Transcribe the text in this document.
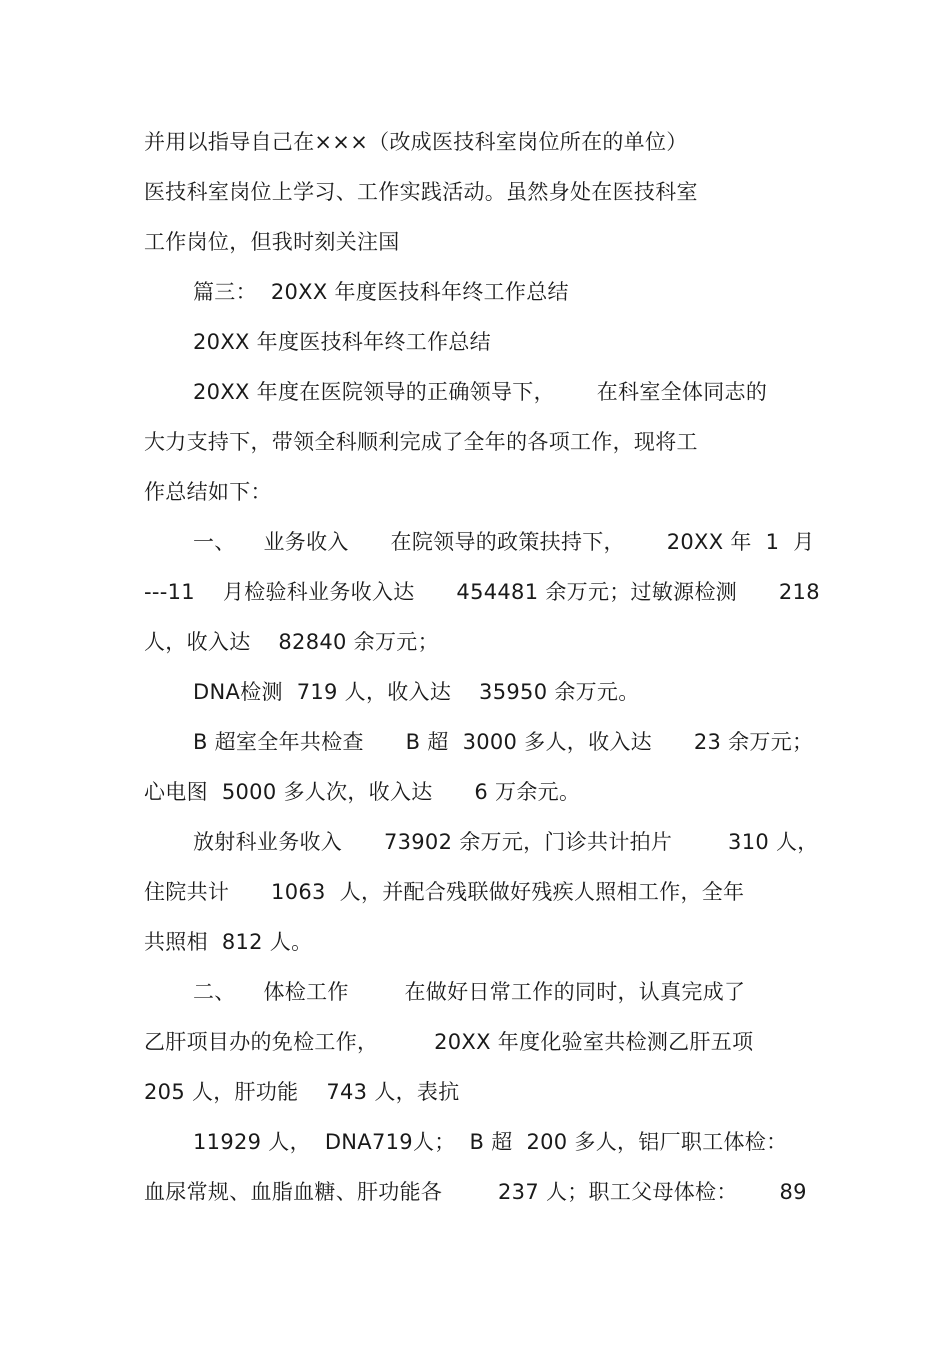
并用以指导自己在×××（改成医技科室岗位所在的单位）
医技科室岗位上学习、工作实践活动。虽然身处在医技科室
工作岗位，但我时刻关注国
篇三：  20XX 年度医技科年终工作总结
20XX 年度医技科年终工作总结
20XX 年度在医院领导的正确领导下，      在科室全体同志的
大力支持下，带领全科顺利完成了全年的各项工作，现将工
作总结如下：
一、    业务收入      在院领导的政策扶持下，      20XX 年  1  月
---11    月检验科业务收入达      454481 余万元；过敏源检测      218
人，收入达    82840 余万元；
DNA检测  719 人，收入达    35950 余万元。
B 超室全年共检查      B 超  3000 多人，收入达      23 余万元；
心电图  5000 多人次，收入达      6 万余元。
放射科业务收入      73902 余万元，门诊共计拍片        310 人，
住院共计      1063  人，并配合残联做好残疾人照相工作，全年
共照相  812 人。
二、    体检工作        在做好日常工作的同时，认真完成了
乙肝项目办的免检工作，        20XX 年度化验室共检测乙肝五项
205 人，肝功能    743 人，表抗
11929 人，  DNA719人；  B 超  200 多人，铝厂职工体检：
血尿常规、血脂血糖、肝功能各        237 人；职工父母体检：      89
